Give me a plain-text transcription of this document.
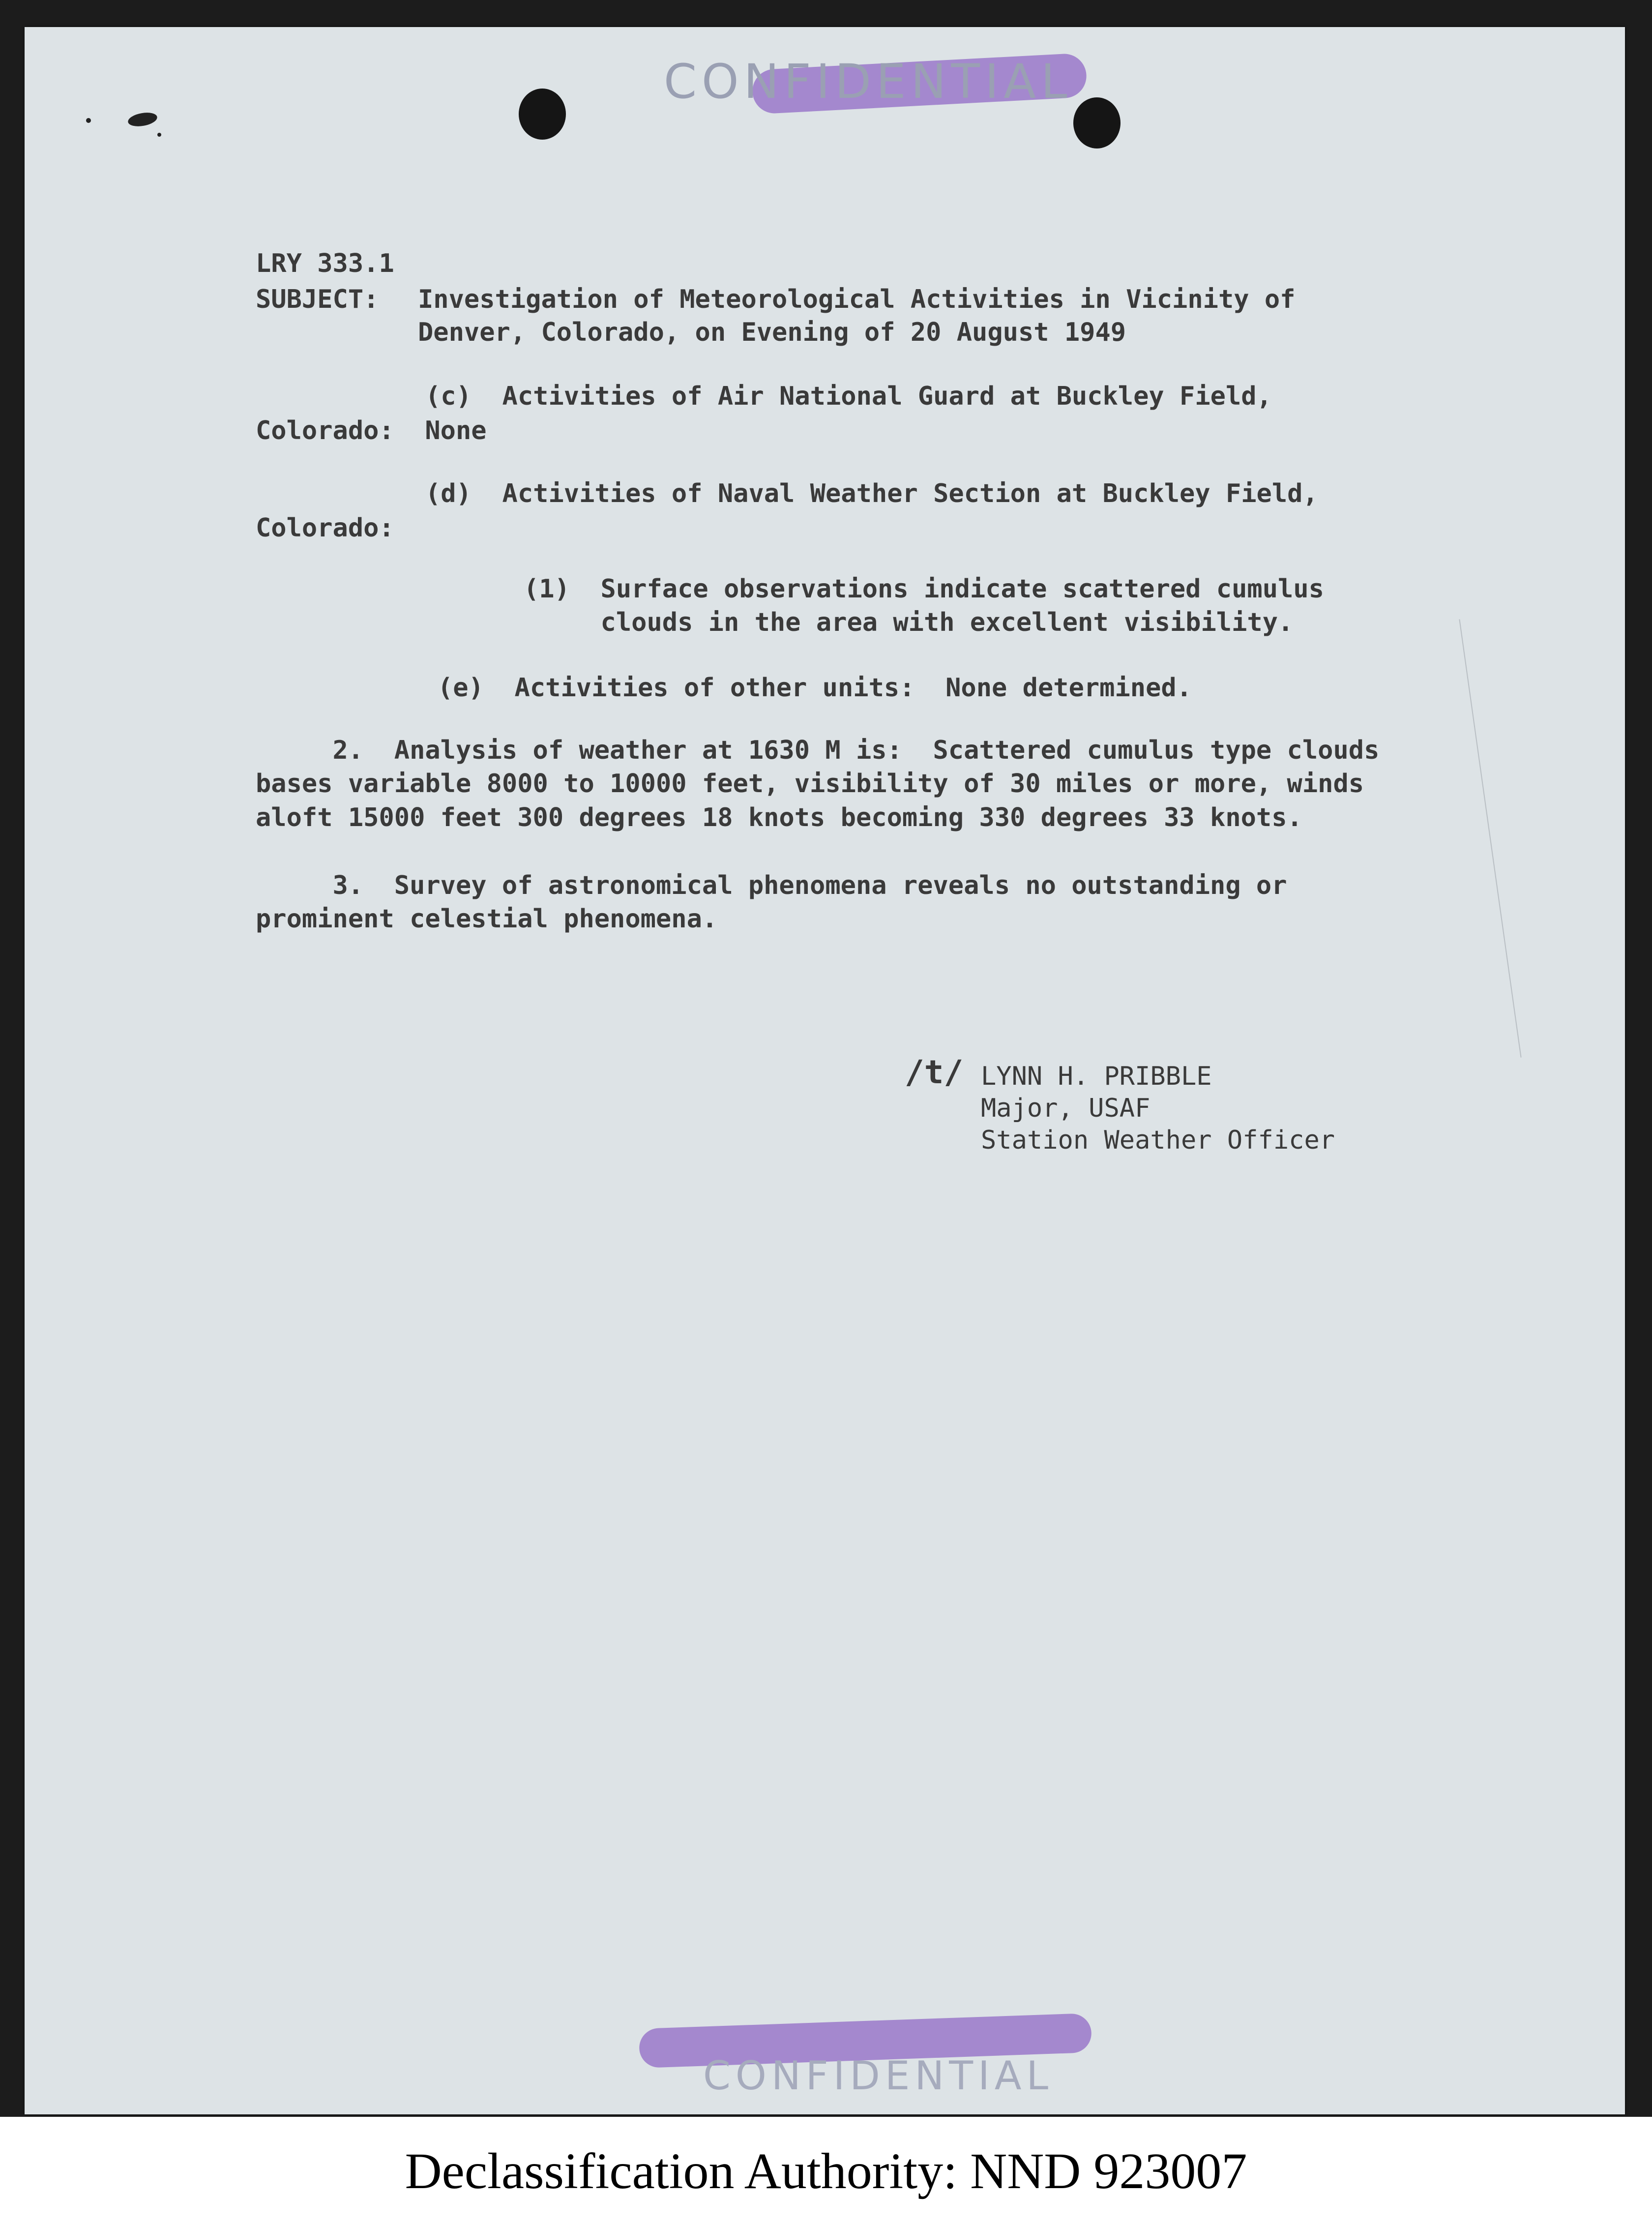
CONFIDENTIAL
CONFIDENTIAL
LRY 333.1
SUBJECT: Investigation of Meteorological Activities in Vicinity of
Denver, Colorado, on Evening of 20 August 1949
(c)  Activities of Air National Guard at Buckley Field,
Colorado:  None
(d)  Activities of Naval Weather Section at Buckley Field,
Colorado:
(1)  Surface observations indicate scattered cumulus
clouds in the area with excellent visibility.
(e)  Activities of other units:  None determined.
2.  Analysis of weather at 1630 M is:  Scattered cumulus type clouds
bases variable 8000 to 10000 feet, visibility of 30 miles or more, winds
aloft 15000 feet 300 degrees 18 knots becoming 330 degrees 33 knots.
3.  Survey of astronomical phenomena reveals no outstanding or
prominent celestial phenomena.
/t/ LYNN H. PRIBBLE
Major, USAF
Station Weather Officer
Declassification Authority: NND 923007
